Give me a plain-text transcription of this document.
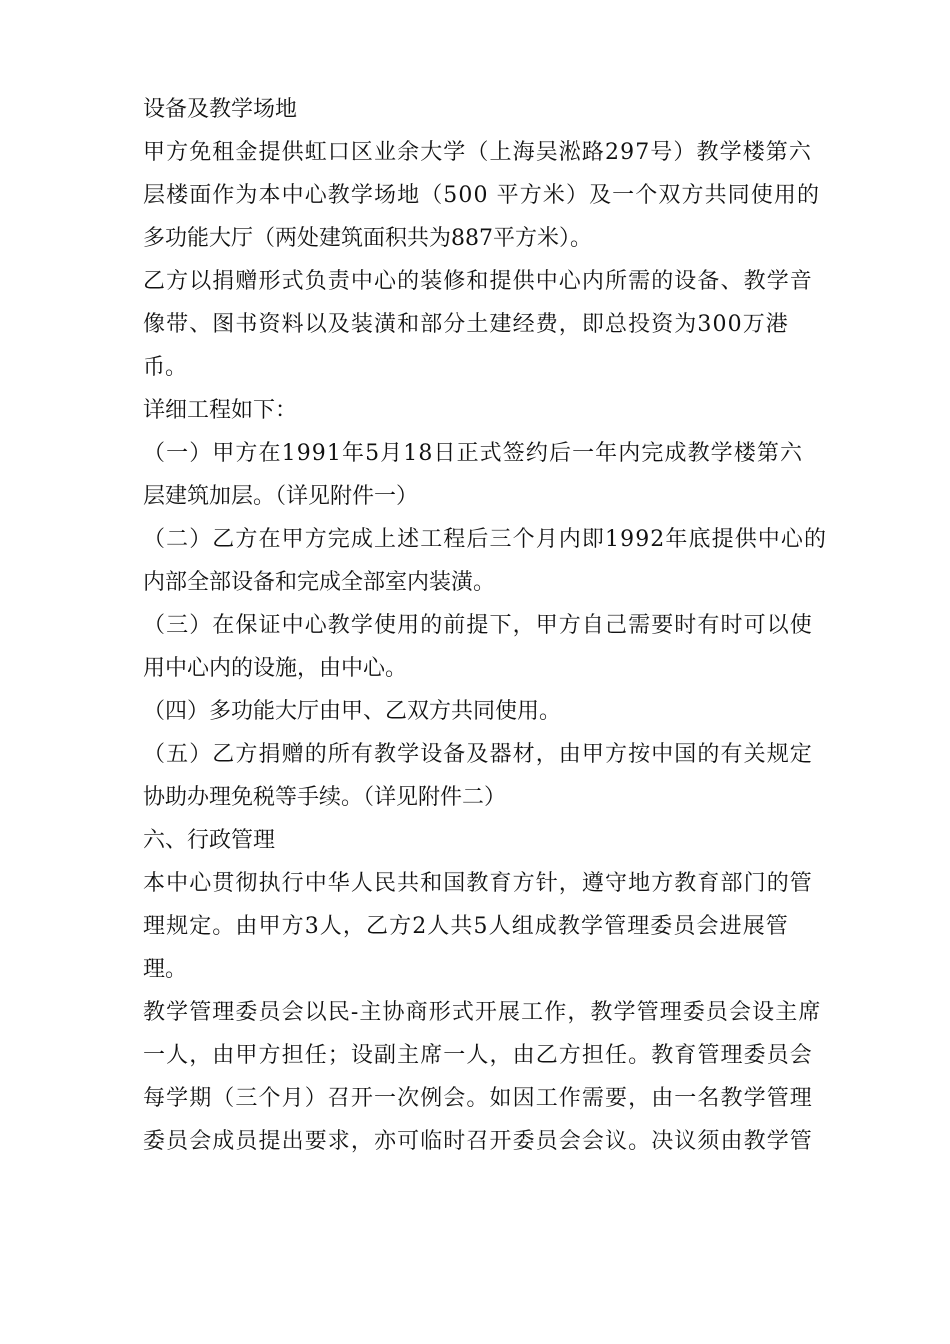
设备及教学场地
甲方免租金提供虹口区业余大学（上海吴淞路297号）教学楼第六
层楼面作为本中心教学场地（500 平方米）及一个双方共同使用的
多功能大厅（两处建筑面积共为887平方米）。
乙方以捐赠形式负责中心的装修和提供中心内所需的设备、教学音
像带、图书资料以及装潢和部分土建经费，即总投资为300万港
币。
详细工程如下：
（一）甲方在1991年5月18日正式签约后一年内完成教学楼第六
层建筑加层。（详见附件一）
（二）乙方在甲方完成上述工程后三个月内即1992年底提供中心的
内部全部设备和完成全部室内装潢。
（三）在保证中心教学使用的前提下，甲方自己需要时有时可以使
用中心内的设施，由中心。
（四）多功能大厅由甲、乙双方共同使用。
（五）乙方捐赠的所有教学设备及器材，由甲方按中国的有关规定
协助办理免税等手续。（详见附件二）
六、行政管理
本中心贯彻执行中华人民共和国教育方针，遵守地方教育部门的管
理规定。由甲方3人，乙方2人共5人组成教学管理委员会进展管
理。
教学管理委员会以民-主协商形式开展工作，教学管理委员会设主席
一人，由甲方担任；设副主席一人，由乙方担任。教育管理委员会
每学期（三个月）召开一次例会。如因工作需要，由一名教学管理
委员会成员提出要求，亦可临时召开委员会会议。决议须由教学管
